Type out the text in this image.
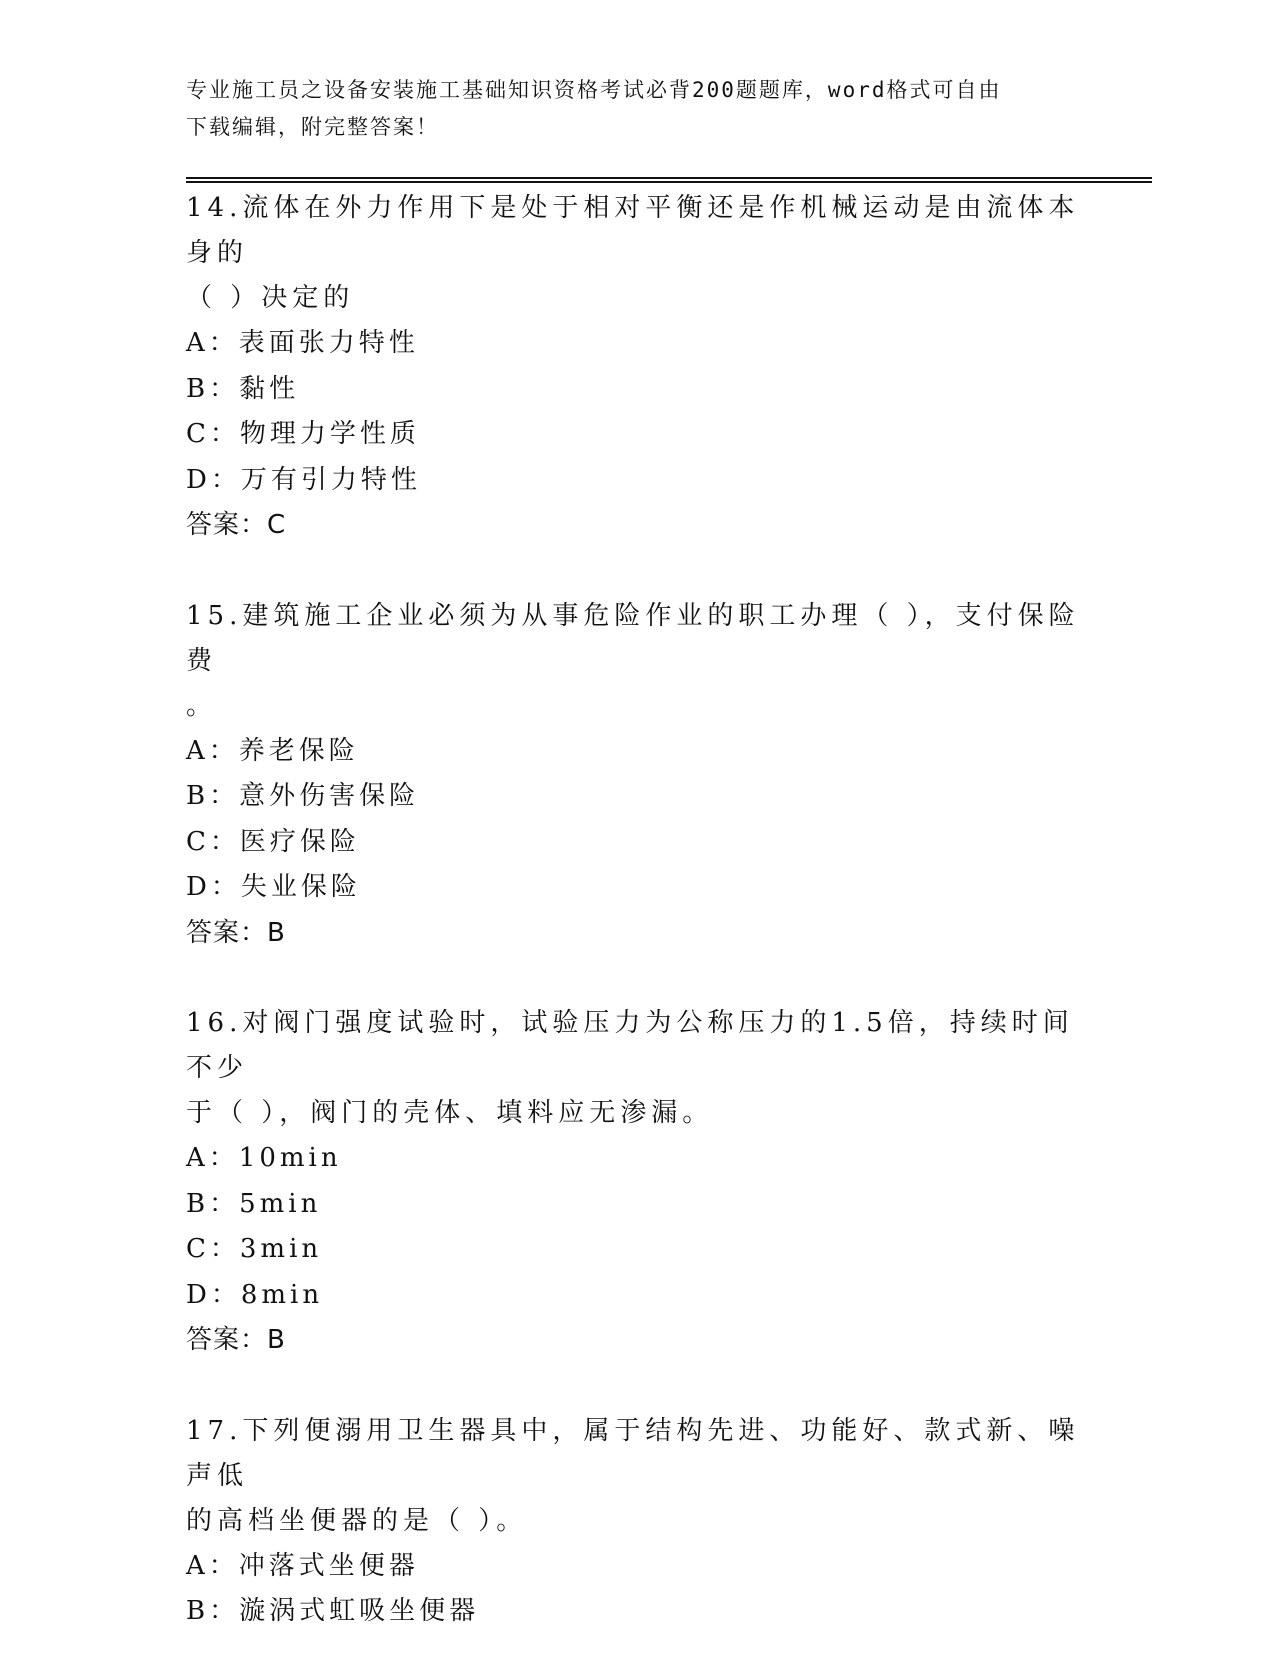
专业施工员之设备安装施工基础知识资格考试必背200题题库，word格式可自由
下载编辑，附完整答案！

14.流体在外力作用下是处于相对平衡还是作机械运动是由流体本身的
（ ）决定的

A：表面张力特性

B：黏性

C：物理力学性质

D：万有引力特性

答案：C

15.建筑施工企业必须为从事危险作业的职工办理（ ），支付保险费
。

A：养老保险

B：意外伤害保险

C：医疗保险

D：失业保险

答案：B

16.对阀门强度试验时，试验压力为公称压力的1.5倍，持续时间不少
于（ ），阀门的壳体、填料应无渗漏。

A：10min

B：5min

C：3min

D：8min

答案：B

17.下列便溺用卫生器具中，属于结构先进、功能好、款式新、噪声低
的高档坐便器的是（ ）。

A：冲落式坐便器

B：漩涡式虹吸坐便器
